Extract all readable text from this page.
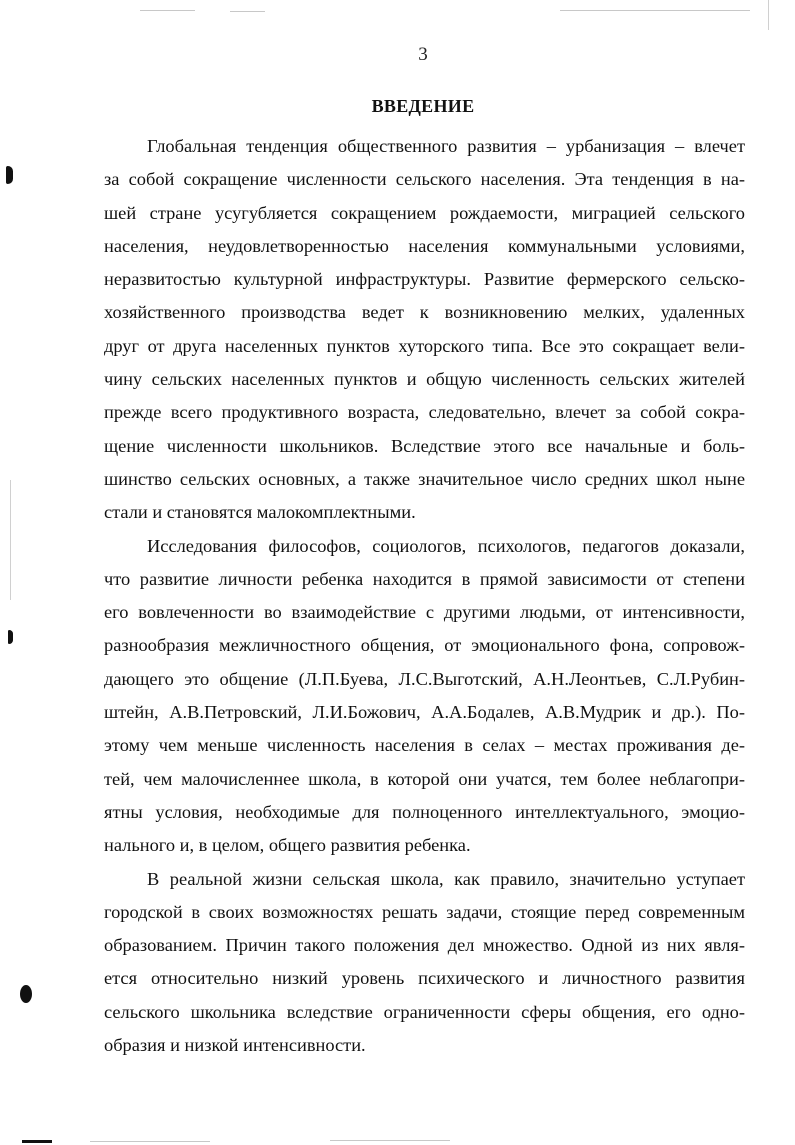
3
ВВЕДЕНИЕ
Глобальная тенденция общественного развития – урбанизация – влечет
за собой сокращение численности сельского населения. Эта тенденция в на-
шей стране усугубляется сокращением рождаемости, миграцией сельского
населения, неудовлетворенностью населения коммунальными условиями,
неразвитостью культурной инфраструктуры. Развитие фермерского сельско-
хозяйственного производства ведет к возникновению мелких, удаленных
друг от друга населенных пунктов хуторского типа. Все это сокращает вели-
чину сельских населенных пунктов и общую численность сельских жителей
прежде всего продуктивного возраста, следовательно, влечет за собой сокра-
щение численности школьников. Вследствие этого все начальные и боль-
шинство сельских основных, а также значительное число средних школ ныне
стали и становятся малокомплектными.
Исследования философов, социологов, психологов, педагогов доказали,
что развитие личности ребенка находится в прямой зависимости от степени
его вовлеченности во взаимодействие с другими людьми, от интенсивности,
разнообразия межличностного общения, от эмоционального фона, сопровож-
дающего это общение (Л.П.Буева, Л.С.Выготский, А.Н.Леонтьев, С.Л.Рубин-
штейн, А.В.Петровский, Л.И.Божович, А.А.Бодалев, А.В.Мудрик и др.). По-
этому чем меньше численность населения в селах – местах проживания де-
тей, чем малочисленнее школа, в которой они учатся, тем более неблагопри-
ятны условия, необходимые для полноценного интеллектуального, эмоцио-
нального и, в целом, общего развития ребенка.
В реальной жизни сельская школа, как правило, значительно уступает
городской в своих возможностях решать задачи, стоящие перед современным
образованием. Причин такого положения дел множество. Одной из них явля-
ется относительно низкий уровень психического и личностного развития
сельского школьника вследствие ограниченности сферы общения, его одно-
образия и низкой интенсивности.
